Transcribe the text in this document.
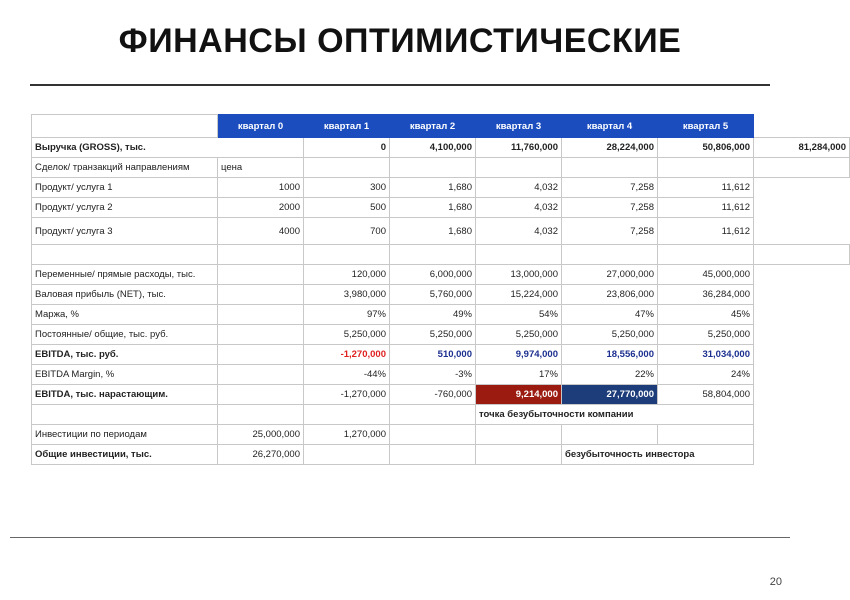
ФИНАНСЫ ОПТИМИСТИЧЕСКИЕ
	квартал 0	квартал 1	квартал 2	квартал 3	квартал 4	квартал 5
Выручка (GROSS), тыс.		0	4,100,000	11,760,000	28,224,000	50,806,000	81,284,000
Сделок/ транзакций направлениям	цена						
Продукт/ услуга 1	1000	300	1,680	4,032	7,258	11,612
Продукт/ услуга 2	2000	500	1,680	4,032	7,258	11,612
Продукт/ услуга 3	4000	700	1,680	4,032	7,258	11,612

Переменные/ прямые расходы, тыс.		120,000	6,000,000	13,000,000	27,000,000	45,000,000
Валовая прибыль (NET), тыс.		3,980,000	5,760,000	15,224,000	23,806,000	36,284,000
Маржа, %		97%	49%	54%	47%	45%
Постоянные/ общие, тыс. руб.		5,250,000	5,250,000	5,250,000	5,250,000	5,250,000
EBITDA, тыс. руб.		-1,270,000	510,000	9,974,000	18,556,000	31,034,000
EBITDA Margin, %		-44%	-3%	17%	22%	24%
EBITDA, тыс. нарастающим.		-1,270,000	-760,000	9,214,000	27,770,000	58,804,000
				точка безубыточности компании		
Инвестиции по периодам	25,000,000	1,270,000				
Общие инвестиции, тыс.	26,270,000				безубыточность инвестора	
20
